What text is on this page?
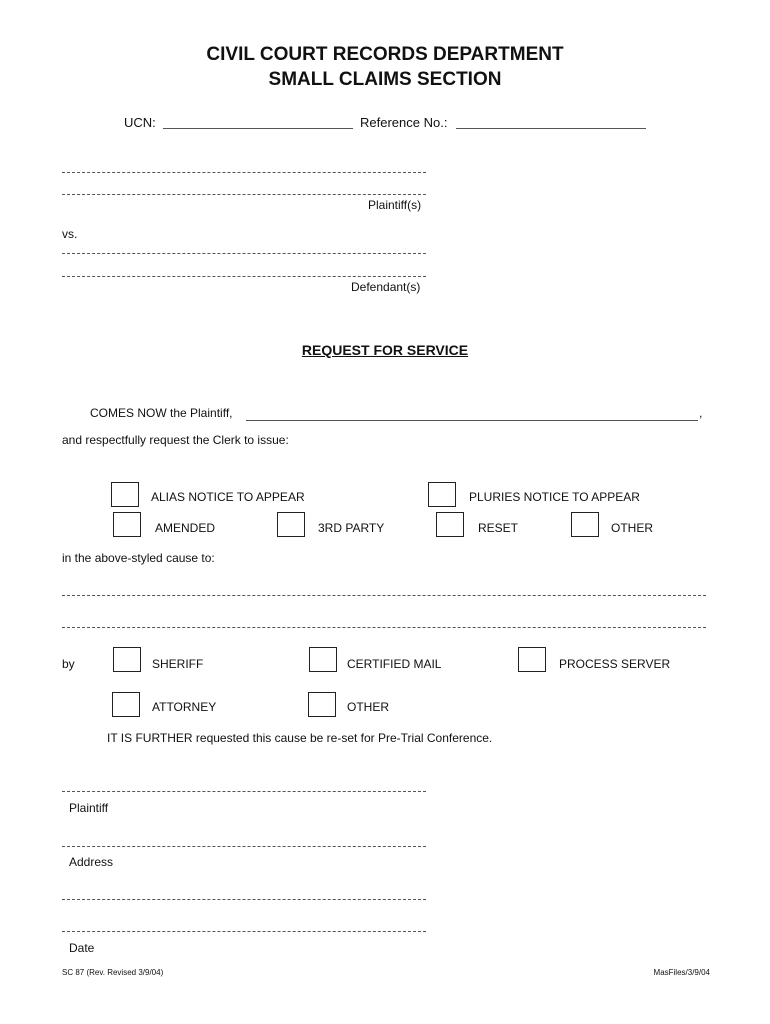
CIVIL COURT RECORDS DEPARTMENT
SMALL CLAIMS SECTION
UCN:	Reference No.:
Plaintiff(s)
vs.
Defendant(s)
REQUEST FOR SERVICE
COMES NOW the Plaintiff,	,
and respectfully request the Clerk to issue:
ALIAS NOTICE TO APPEAR	PLURIES NOTICE TO APPEAR
AMENDED	3RD PARTY	RESET	OTHER
in the above-styled cause to:
by	SHERIFF	CERTIFIED MAIL	PROCESS SERVER
ATTORNEY	OTHER
IT IS FURTHER requested this cause be re-set for Pre-Trial Conference.
Plaintiff
Address
Date
SC 87 (Rev. Revised 3/9/04)	MasFiles/3/9/04
